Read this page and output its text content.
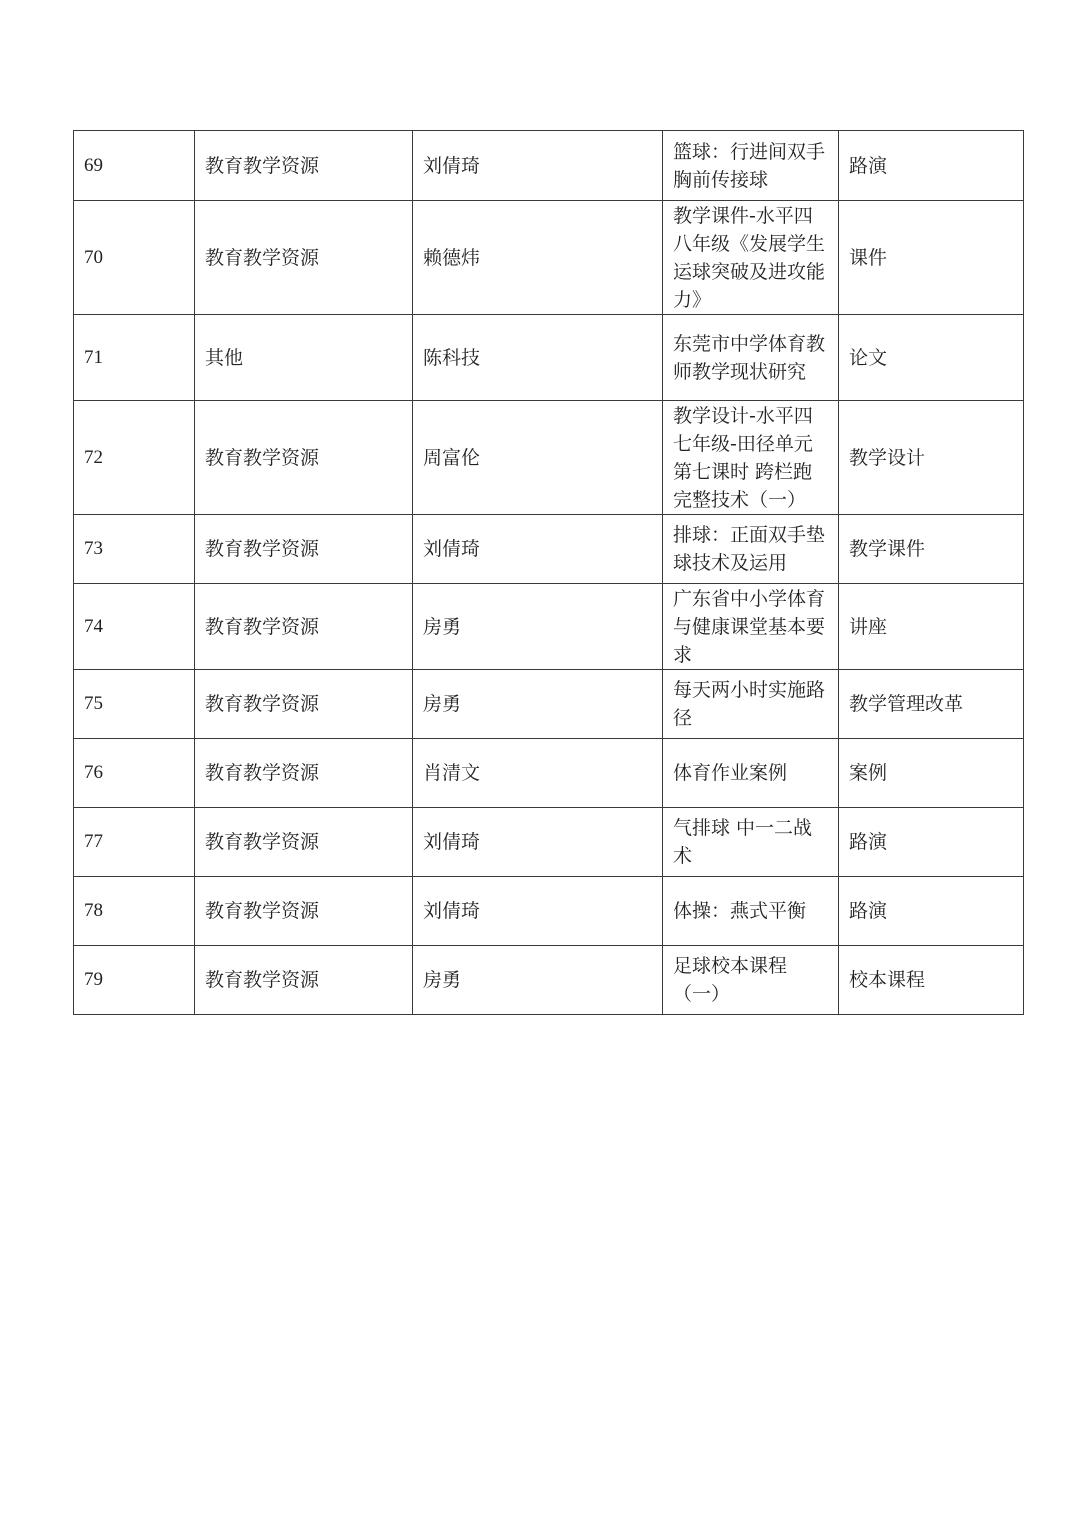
69	教育教学资源	刘倩琦	篮球：行进间双手胸前传接球	路演
70	教育教学资源	赖德炜	教学课件-水平四八年级《发展学生运球突破及进攻能力》	课件
71	其他	陈科技	东莞市中学体育教师教学现状研究	论文
72	教育教学资源	周富伦	教学设计-水平四七年级-田径单元第七课时 跨栏跑完整技术（一）	教学设计
73	教育教学资源	刘倩琦	排球：正面双手垫球技术及运用	教学课件
74	教育教学资源	房勇	广东省中小学体育与健康课堂基本要求	讲座
75	教育教学资源	房勇	每天两小时实施路径	教学管理改革
76	教育教学资源	肖清文	体育作业案例	案例
77	教育教学资源	刘倩琦	气排球 中一二战术	路演
78	教育教学资源	刘倩琦	体操：燕式平衡	路演
79	教育教学资源	房勇	足球校本课程（一）	校本课程
